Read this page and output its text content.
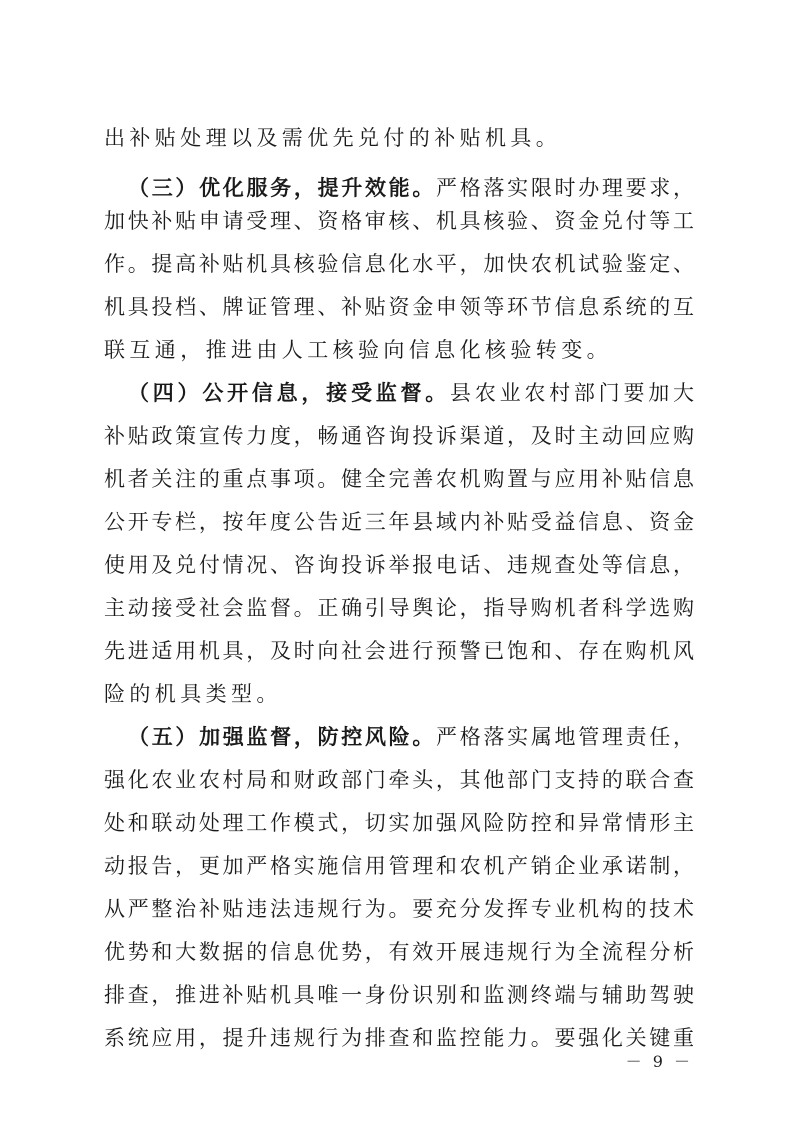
出补贴处理以及需优先兑付的补贴机具。
（三）优化服务，提升效能。严格落实限时办理要求，
加快补贴申请受理、资格审核、机具核验、资金兑付等工
作。提高补贴机具核验信息化水平，加快农机试验鉴定、
机具投档、牌证管理、补贴资金申领等环节信息系统的互
联互通，推进由人工核验向信息化核验转变。
（四）公开信息，接受监督。县农业农村部门要加大
补贴政策宣传力度，畅通咨询投诉渠道，及时主动回应购
机者关注的重点事项。健全完善农机购置与应用补贴信息
公开专栏，按年度公告近三年县域内补贴受益信息、资金
使用及兑付情况、咨询投诉举报电话、违规查处等信息，
主动接受社会监督。正确引导舆论，指导购机者科学选购
先进适用机具，及时向社会进行预警已饱和、存在购机风
险的机具类型。
（五）加强监督，防控风险。严格落实属地管理责任，
强化农业农村局和财政部门牵头，其他部门支持的联合查
处和联动处理工作模式，切实加强风险防控和异常情形主
动报告，更加严格实施信用管理和农机产销企业承诺制，
从严整治补贴违法违规行为。要充分发挥专业机构的技术
优势和大数据的信息优势，有效开展违规行为全流程分析
排查，推进补贴机具唯一身份识别和监测终端与辅助驾驶
系统应用，提升违规行为排查和监控能力。要强化关键重
－ 9 －
